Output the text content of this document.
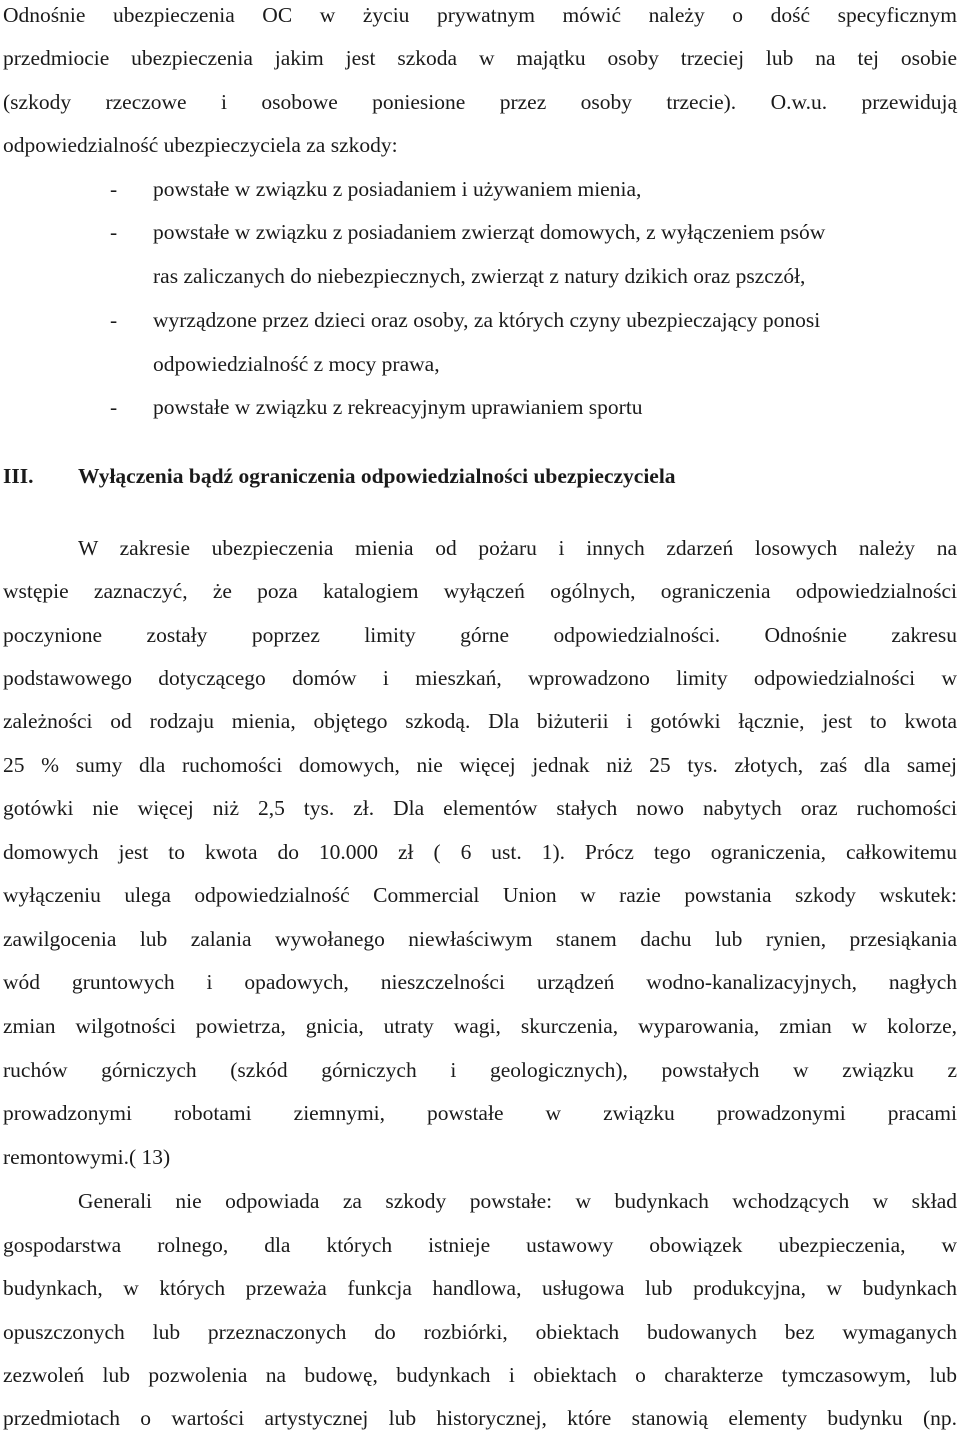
Odnośnie ubezpieczenia OC w życiu prywatnym mówić należy o dość specyficznym
przedmiocie ubezpieczenia jakim jest szkoda w majątku osoby trzeciej lub na tej osobie
(szkody rzeczowe i osobowe poniesione przez osoby trzecie). O.w.u. przewidują
odpowiedzialność ubezpieczyciela za szkody:
- powstałe w związku z posiadaniem i używaniem mienia,
- powstałe w związku z posiadaniem zwierząt domowych, z wyłączeniem psów
ras zaliczanych do niebezpiecznych, zwierząt z natury dzikich oraz pszczół,
- wyrządzone przez dzieci oraz osoby, za których czyny ubezpieczający ponosi
odpowiedzialność z mocy prawa,
- powstałe w związku z rekreacyjnym uprawianiem sportu
III. Wyłączenia bądź ograniczenia odpowiedzialności ubezpieczyciela
W zakresie ubezpieczenia mienia od pożaru i innych zdarzeń losowych należy na
wstępie zaznaczyć, że poza katalogiem wyłączeń ogólnych, ograniczenia odpowiedzialności
poczynione zostały poprzez limity górne odpowiedzialności. Odnośnie zakresu
podstawowego dotyczącego domów i mieszkań, wprowadzono limity odpowiedzialności w
zależności od rodzaju mienia, objętego szkodą. Dla biżuterii i gotówki łącznie, jest to kwota
25 % sumy dla ruchomości domowych, nie więcej jednak niż 25 tys. złotych, zaś dla samej
gotówki nie więcej niż 2,5 tys. zł. Dla elementów stałych nowo nabytych oraz ruchomości
domowych jest to kwota do 10.000 zł ( 6 ust. 1). Prócz tego ograniczenia, całkowitemu
wyłączeniu ulega odpowiedzialność Commercial Union w razie powstania szkody wskutek:
zawilgocenia lub zalania wywołanego niewłaściwym stanem dachu lub rynien, przesiąkania
wód gruntowych i opadowych, nieszczelności urządzeń wodno-kanalizacyjnych, nagłych
zmian wilgotności powietrza, gnicia, utraty wagi, skurczenia, wyparowania, zmian w kolorze,
ruchów górniczych (szkód górniczych i geologicznych), powstałych w związku z
prowadzonymi robotami ziemnymi, powstałe w związku prowadzonymi pracami
remontowymi.( 13)
Generali nie odpowiada za szkody powstałe: w budynkach wchodzących w skład
gospodarstwa rolnego, dla których istnieje ustawowy obowiązek ubezpieczenia, w
budynkach, w których przeważa funkcja handlowa, usługowa lub produkcyjna, w budynkach
opuszczonych lub przeznaczonych do rozbiórki, obiektach budowanych bez wymaganych
zezwoleń lub pozwolenia na budowę, budynkach i obiektach o charakterze tymczasowym, lub
przedmiotach o wartości artystycznej lub historycznej, które stanowią elementy budynku (np.
